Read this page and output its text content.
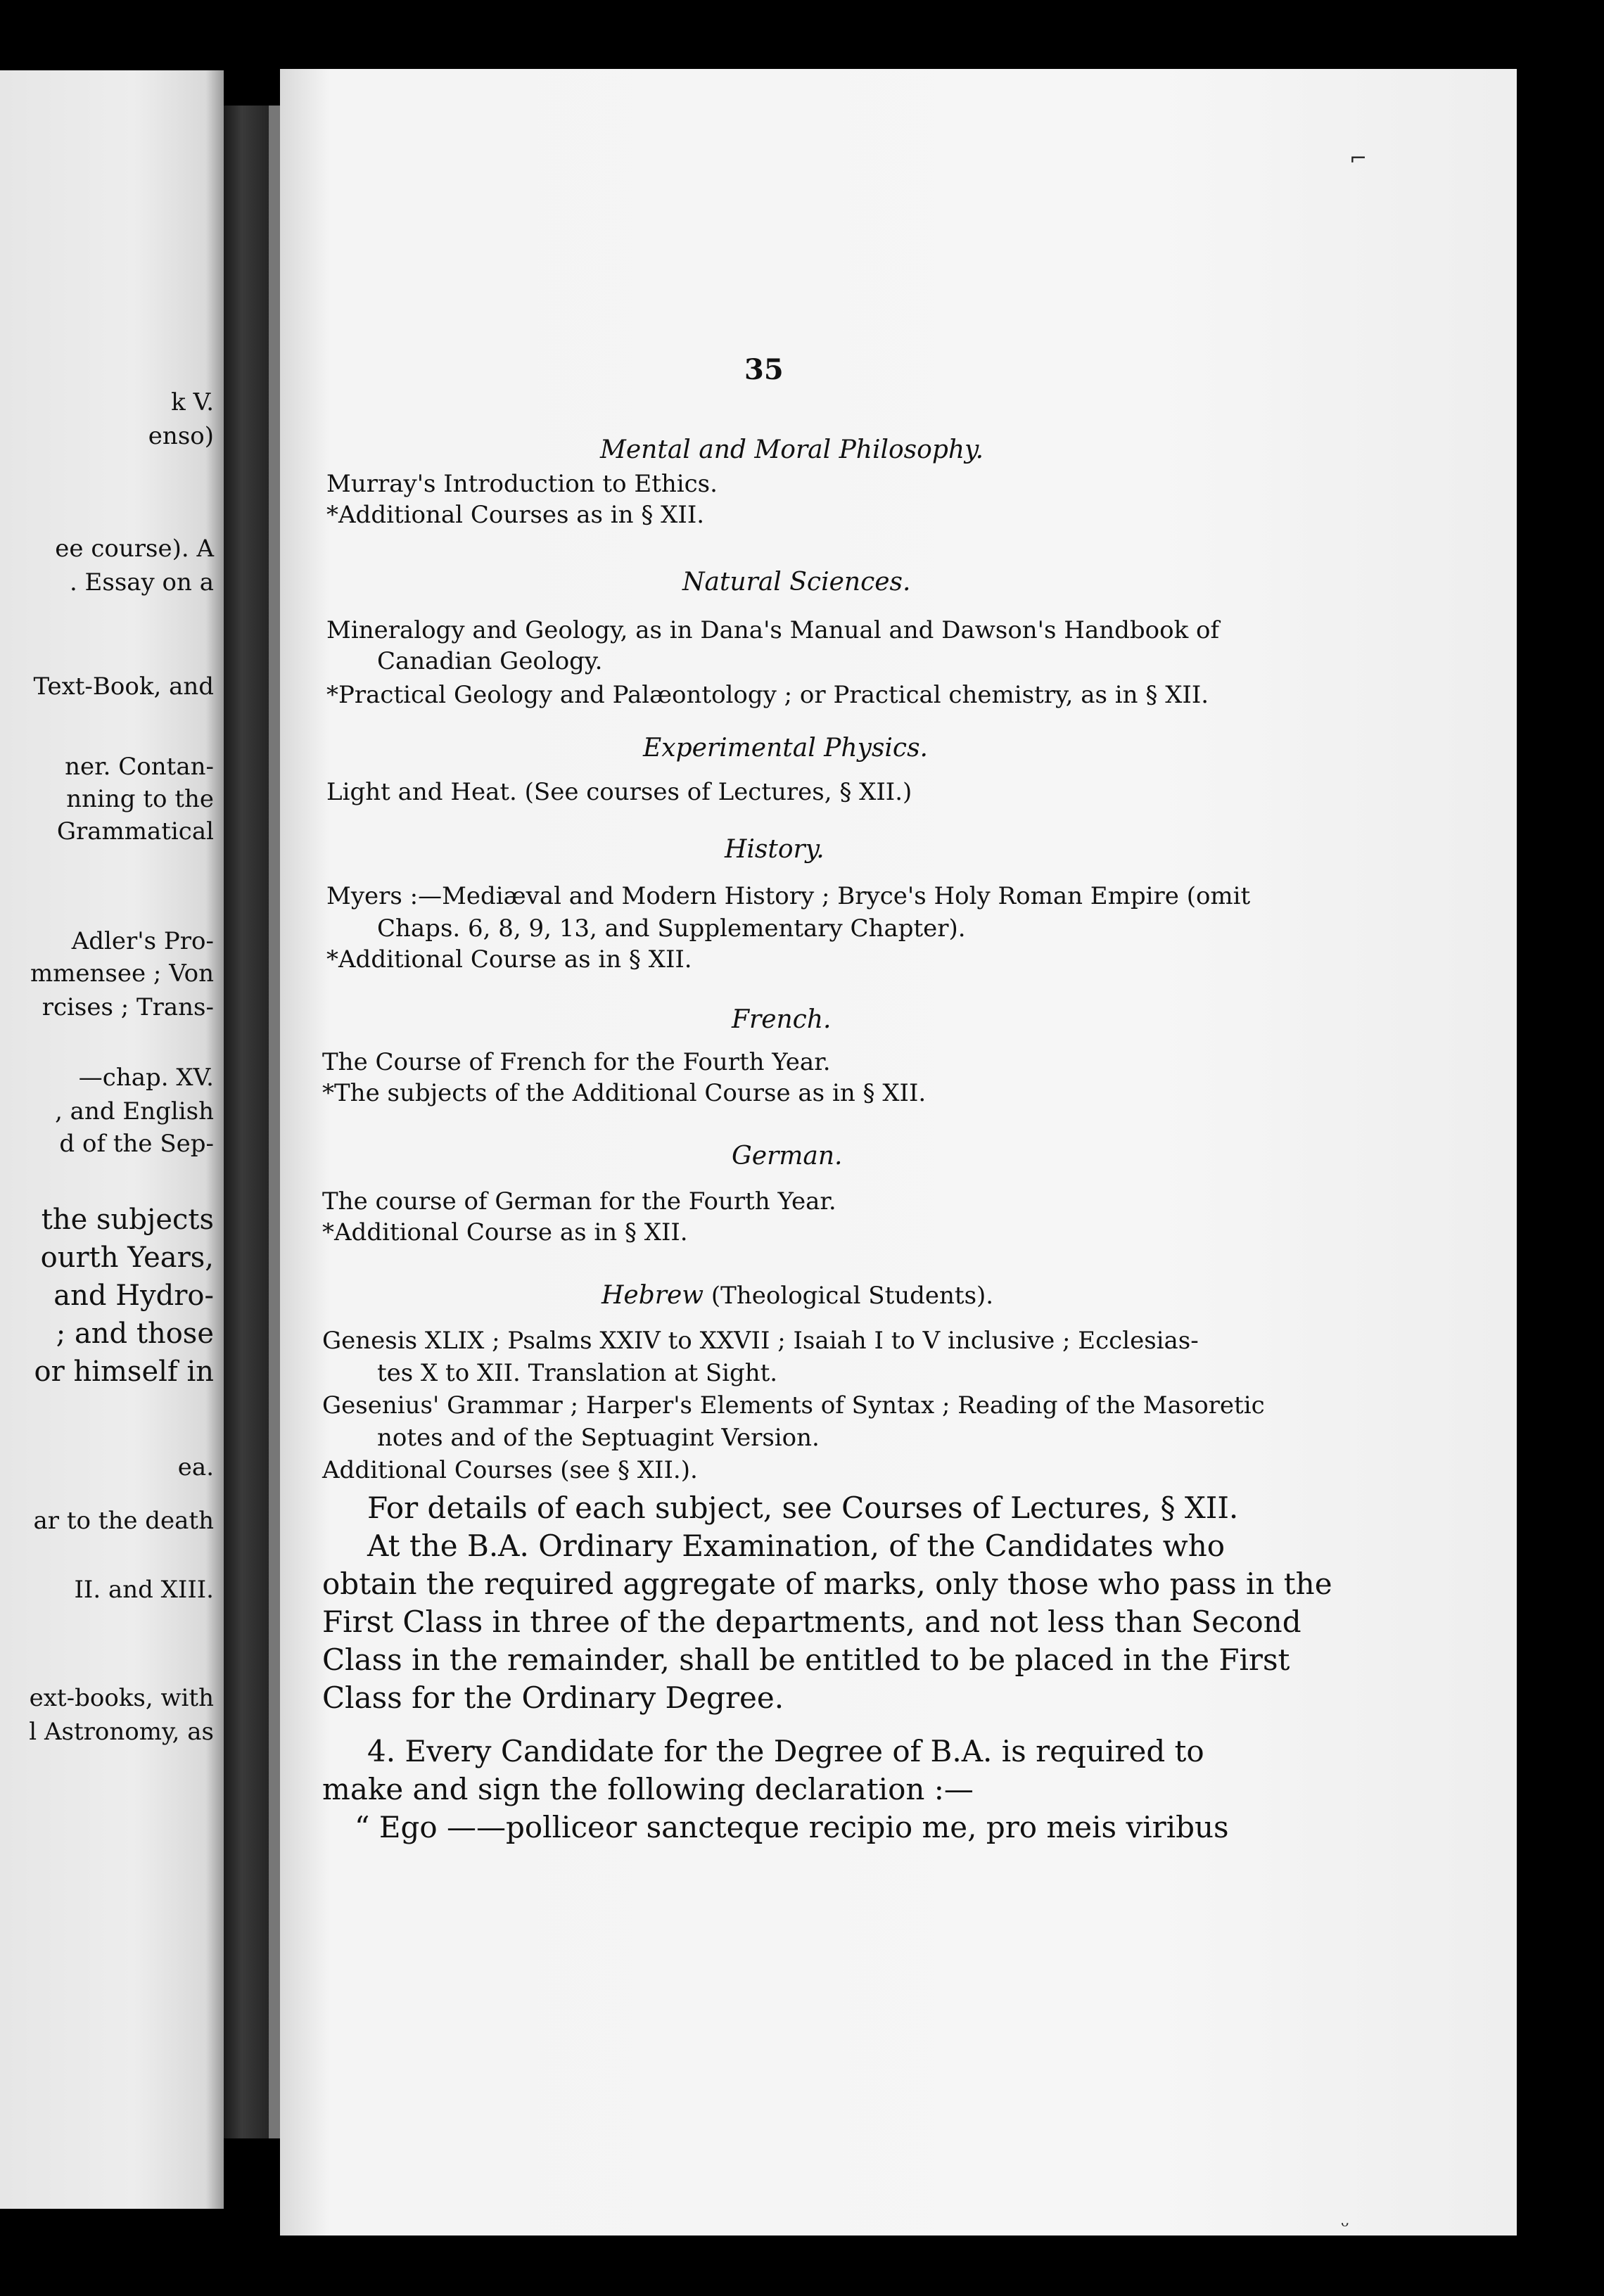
k V.
enso)
ee course). A
. Essay on a
Text-Book, and
ner. Contan-
nning to the
Grammatical
Adler's Pro-
mmensee ; Von
rcises ; Trans-
—chap. XV.
, and English
d of the Sep-
the subjects
ourth Years,
and Hydro-
; and those
or himself in
ea.
ar to the death
II. and XIII.
ext-books, with
l Astronomy, as
⌐
ᵕ
35
Mental and Moral Philosophy.
Murray's Introduction to Ethics.
*Additional Courses as in § XII.
Natural Sciences.
Mineralogy and Geology, as in Dana's Manual and Dawson's Handbook of
Canadian Geology.
*Practical Geology and Palæontology ; or Practical chemistry, as in § XII.
Experimental Physics.
Light and Heat. (See courses of Lectures, § XII.)
History.
Myers :—Mediæval and Modern History ; Bryce's Holy Roman Empire (omit
Chaps. 6, 8, 9, 13, and Supplementary Chapter).
*Additional Course as in § XII.
French.
The Course of French for the Fourth Year.
*The subjects of the Additional Course as in § XII.
German.
The course of German for the Fourth Year.
*Additional Course as in § XII.
Hebrew (Theological Students).
Genesis XLIX ; Psalms XXIV to XXVII ; Isaiah I to V inclusive ; Ecclesias-
tes X to XII. Translation at Sight.
Gesenius' Grammar ; Harper's Elements of Syntax ; Reading of the Masoretic
notes and of the Septuagint Version.
Additional Courses (see § XII.).
For details of each subject, see Courses of Lectures, § XII.
At the B.A. Ordinary Examination, of the Candidates who
obtain the required aggregate of marks, only those who pass in the
First Class in three of the departments, and not less than Second
Class in the remainder, shall be entitled to be placed in the First
Class for the Ordinary Degree.
4. Every Candidate for the Degree of B.A. is required to
make and sign the following declaration :—
“ Ego ——polliceor sancteque recipio me, pro meis viribus
